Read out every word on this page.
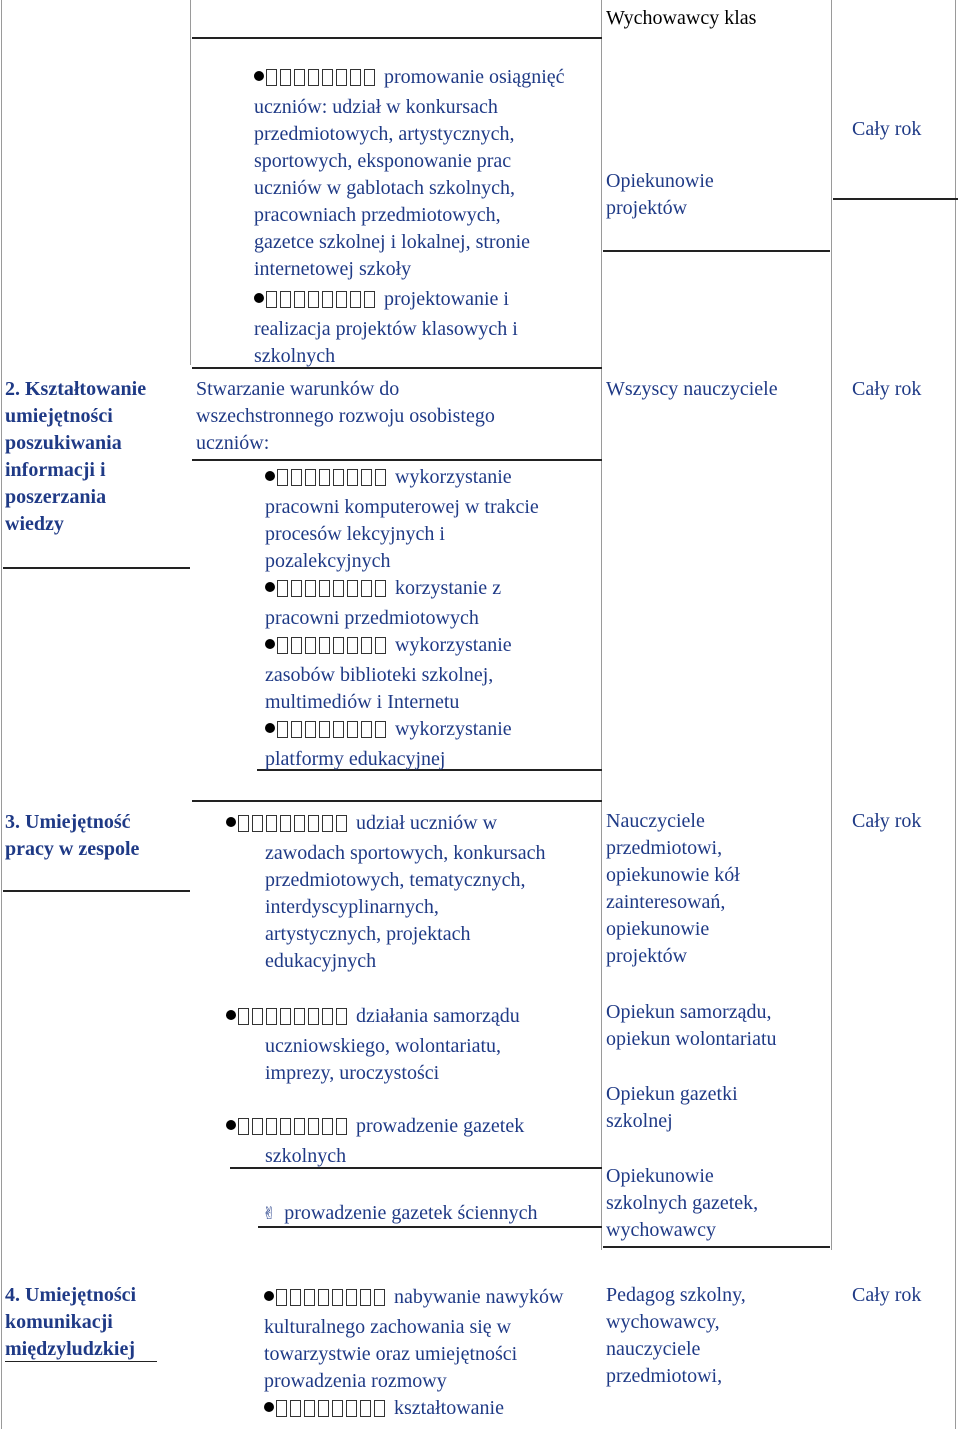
Wychowawcy klas
promowanie osiągnięć
uczniów: udział w konkursach
przedmiotowych, artystycznych,
sportowych, eksponowanie prac
uczniów w gablotach szkolnych,
pracowniach przedmiotowych,
gazetce szkolnej i lokalnej, stronie
internetowej szkoły
projektowanie i
realizacja projektów klasowych i
szkolnych
Opiekunowie
projektów
Cały rok
2. Kształtowanie
umiejętności
poszukiwania
informacji i
poszerzania
wiedzy
Stwarzanie warunków do
wszechstronnego rozwoju osobistego
uczniów:
wykorzystanie
pracowni komputerowej w trakcie
procesów lekcyjnych i
pozalekcyjnych
korzystanie z
pracowni przedmiotowych
wykorzystanie
zasobów biblioteki szkolnej,
multimediów i Internetu
wykorzystanie
platformy edukacyjnej
Wszyscy nauczyciele	Cały rok
3. Umiejętność
pracy w zespole
udział uczniów w
zawodach sportowych, konkursach
przedmiotowych, tematycznych,
interdyscyplinarnych,
artystycznych, projektach
edukacyjnych
działania samorządu
uczniowskiego, wolontariatu,
imprezy, uroczystości
prowadzenie gazetek
szkolnych
✌ prowadzenie gazetek ściennych
Nauczyciele
przedmiotowi,
opiekunowie kół
zainteresowań,
opiekunowie
projektów
Opiekun samorządu,
opiekun wolontariatu
Opiekun gazetki
szkolnej
Opiekunowie
szkolnych gazetek,
wychowawcy
Cały rok
4. Umiejętności
komunikacji
międzyludzkiej
nabywanie nawyków
kulturalnego zachowania się w
towarzystwie oraz umiejętności
prowadzenia rozmowy
kształtowanie
Pedagog szkolny,
wychowawcy,
nauczyciele
przedmiotowi,
Cały rok
